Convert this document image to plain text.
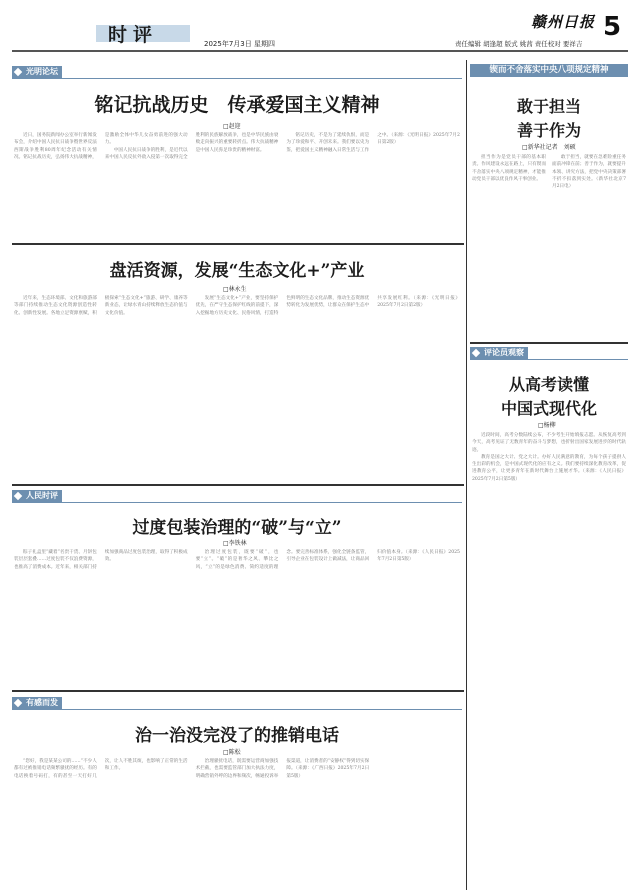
时评	2025年7月3日 星期四	责任编辑 胡逢超 版式 姚茜 责任校对 要祥吉
赣州日报 5
光明论坛
铭记抗战历史　传承爱国主义精神
□赵迎

近日，国务院新闻办公室举行新闻发布会，介绍中国人民抗日战争暨世界反法西斯战争胜利80周年纪念活动有关情况。铭记抗战历史，弘扬伟大抗战精神，是激励全体中华儿女奋勇前进的强大动力。

中国人民抗日战争的胜利，是近代以来中国人民反抗外敌入侵第一次取得完全胜利的民族解放战争，也是中华民族由衰败走向振兴的重要转折点。伟大抗战精神是中国人民弥足珍贵的精神财富。

铭记历史，不是为了延续仇恨，而是为了珍爱和平、开创未来。我们要以史为鉴，把爱国主义精神融入日常生活与工作之中。（来源：《光明日报》2025年7月2日第2版）

盘活资源，发展“生态文化+”产业
□林永生

近年来，生态环境部、文化和旅游部等部门持续推动生态文化资源创造性转化、创新性发展。各地立足资源禀赋，积极探索“生态文化+”旅游、研学、康养等新业态，让绿水青山持续释放生态价值与文化价值。

发展“生态文化+”产业，要坚持保护优先，在严守生态保护红线的前提下，深入挖掘地方历史文化、民俗风情，打造特色鲜明的生态文化品牌，推动生态资源优势转化为发展优势，让群众在保护生态中共享发展红利。（来源：《光明日报》2025年7月2日第2版）

人民时评
过度包装治理的“破”与“立”
□李铁林

粽子礼盒里“藏着”名贵干货、月饼包装层层套叠……过度包装不仅浪费资源，也推高了消费成本。近年来，相关部门持续加强商品过度包装治理，取得了积极成效。

治理过度包装，既要“破”，也要“立”。“破”的是奢华之风、攀比之风，“立”的是绿色消费、简约适度的理念。要完善标准体系，强化全链条监管，引导企业在包装设计上做减法，让商品回归价值本身。（来源：《人民日报》2025年7月2日第5版）

有感而发
治一治没完没了的推销电话
□陈松

“您好，我是某某公司的……”不少人都有过被推销电话频繁骚扰的经历。有的电话换着号码打，有的甚至一天打好几次，让人不胜其烦，也影响了正常的生活和工作。

治理骚扰电话，既需要运营商加强技术拦截，也需要监管部门加大执法力度，明确营销外呼的边界和频次，畅通投诉举报渠道，让消费者的“安静权”得到切实保障。（来源：《广西日报》2025年7月2日第5版）

锲而不舍落实中央八项规定精神
敢于担当
善于作为
□新华社记者　刘硕

担当作为是党员干部的基本职责。作风建设永远在路上，只有锲而不舍落实中央八项规定精神，才能推动党员干部以优良作风干事创业。

敢于担当，就要在急难险重任务面前冲锋在前；善于作为，就要提升本领、讲究方法，把党中央决策部署不折不扣落到实处。（新华社北京7月2日电）

评论员观察
从高考读懂
中国式现代化
□杨柳

近段时间，高考分数陆续公布，不少考生开始填报志愿。从恢复高考到今天，高考见证了无数青年的奋斗与梦想，也折射出国家发展进步的时代轨迹。

教育是国之大计、党之大计。办好人民满意的教育，为每个孩子提供人生出彩的机会，是中国式现代化的应有之义。我们要持续深化教育改革，促进教育公平，让更多青年在新时代舞台上施展才华。（来源：《人民日报》2025年7月2日第5版）
